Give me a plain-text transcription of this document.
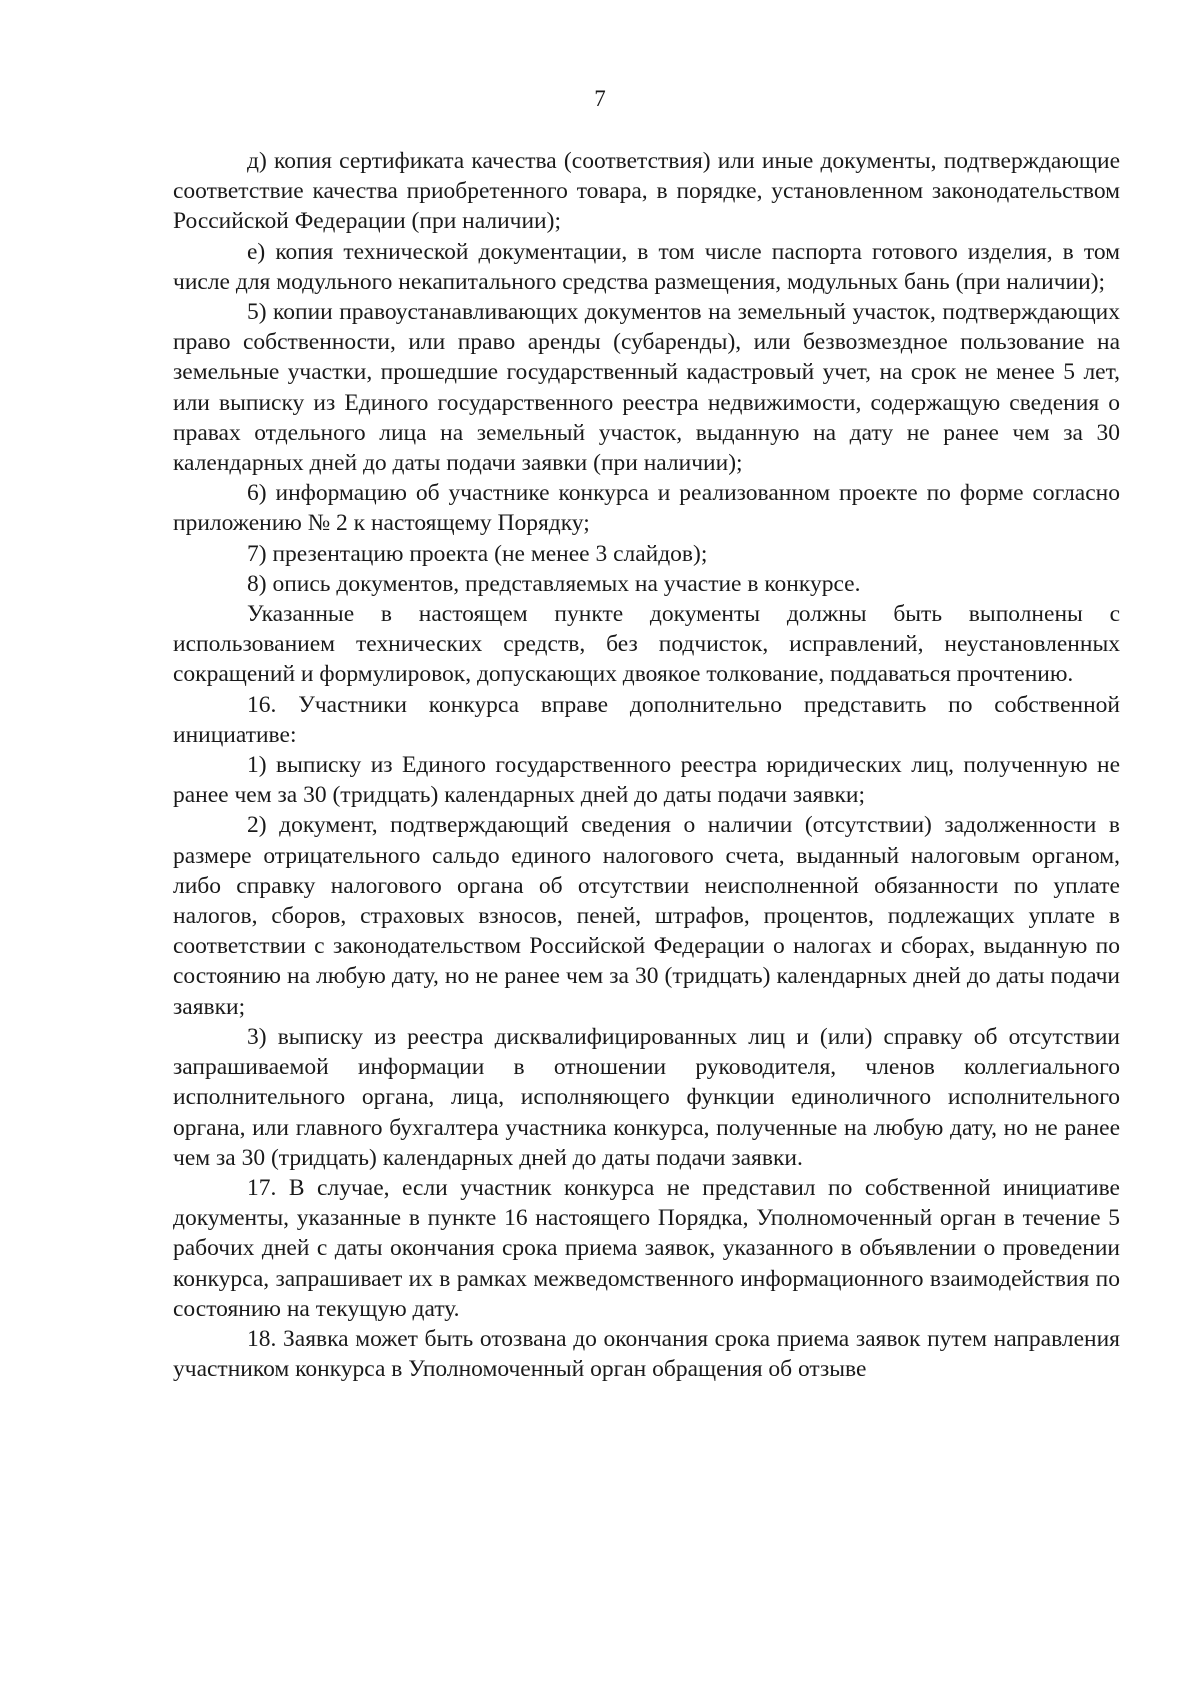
7

д) копия сертификата качества (соответствия) или иные документы, подтверждающие соответствие качества приобретенного товара, в порядке, установленном законодательством Российской Федерации (при наличии);

е) копия технической документации, в том числе паспорта готового изделия, в том числе для модульного некапитального средства размещения, модульных бань (при наличии);

5) копии правоустанавливающих документов на земельный участок, подтверждающих право собственности, или право аренды (субаренды), или безвозмездное пользование на земельные участки, прошедшие государственный кадастровый учет, на срок не менее 5 лет, или выписку из Единого государственного реестра недвижимости, содержащую сведения о правах отдельного лица на земельный участок, выданную на дату не ранее чем за 30 календарных дней до даты подачи заявки (при наличии);

6) информацию об участнике конкурса и реализованном проекте по форме согласно приложению № 2 к настоящему Порядку;

7) презентацию проекта (не менее 3 слайдов);

8) опись документов, представляемых на участие в конкурсе.

Указанные в настоящем пункте документы должны быть выполнены с использованием технических средств, без подчисток, исправлений, неустановленных сокращений и формулировок, допускающих двоякое толкование, поддаваться прочтению.

16. Участники конкурса вправе дополнительно представить по собственной инициативе:

1) выписку из Единого государственного реестра юридических лиц, полученную не ранее чем за 30 (тридцать) календарных дней до даты подачи заявки;

2) документ, подтверждающий сведения о наличии (отсутствии) задолженности в размере отрицательного сальдо единого налогового счета, выданный налоговым органом, либо справку налогового органа об отсутствии неисполненной обязанности по уплате налогов, сборов, страховых взносов, пеней, штрафов, процентов, подлежащих уплате в соответствии с законодательством Российской Федерации о налогах и сборах, выданную по состоянию на любую дату, но не ранее чем за 30 (тридцать) календарных дней до даты подачи заявки;

3) выписку из реестра дисквалифицированных лиц и (или) справку об отсутствии запрашиваемой информации в отношении руководителя, членов коллегиального исполнительного органа, лица, исполняющего функции единоличного исполнительного органа, или главного бухгалтера участника конкурса, полученные на любую дату, но не ранее чем за 30 (тридцать) календарных дней до даты подачи заявки.

17. В случае, если участник конкурса не представил по собственной инициативе документы, указанные в пункте 16 настоящего Порядка, Уполномоченный орган в течение 5 рабочих дней с даты окончания срока приема заявок, указанного в объявлении о проведении конкурса, запрашивает их в рамках межведомственного информационного взаимодействия по состоянию на текущую дату.

18. Заявка может быть отозвана до окончания срока приема заявок путем направления участником конкурса в Уполномоченный орган обращения об отзыве
